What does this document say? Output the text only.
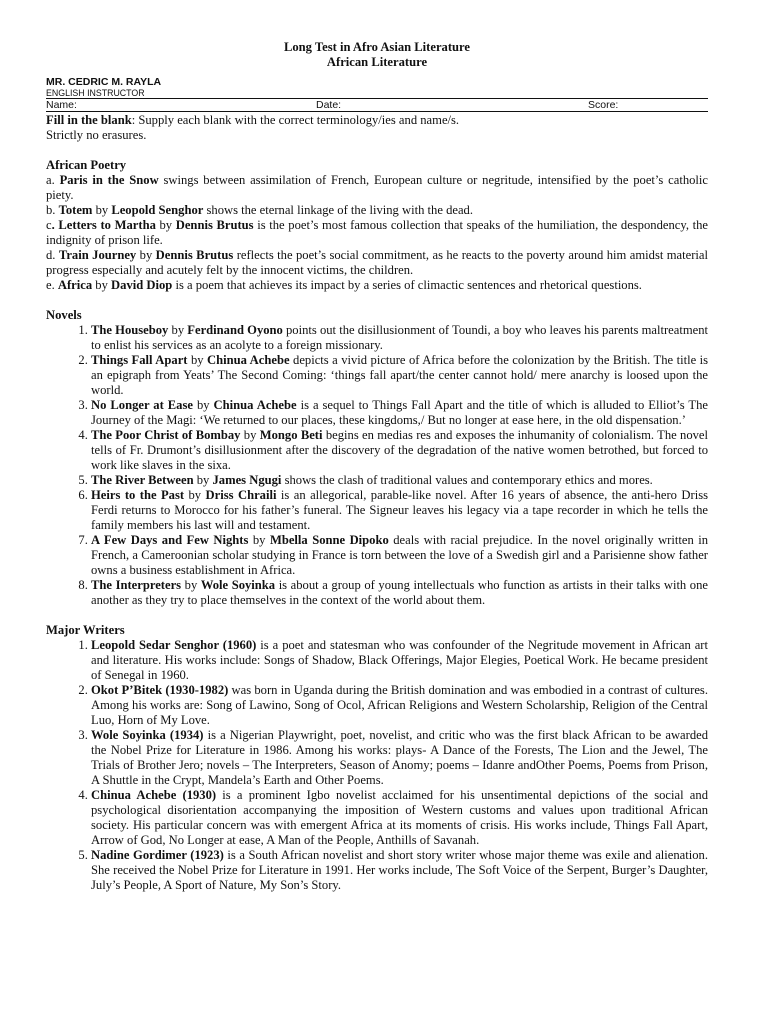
Long Test in Afro Asian Literature
African Literature
MR. CEDRIC M. RAYLA
ENGLISH INSTRUCTOR
Name:	Date:	Score:
Fill in the blank: Supply each blank with the correct terminology/ies and name/s.
Strictly no erasures.
African Poetry
a. Paris in the Snow swings between assimilation of French, European culture or negritude, intensified by the poet’s catholic piety.
b. Totem by Leopold Senghor shows the eternal linkage of the living with the dead.
c. Letters to Martha by Dennis Brutus is the poet’s most famous collection that speaks of the humiliation, the despondency, the indignity of prison life.
d. Train Journey by Dennis Brutus reflects the poet’s social commitment, as he reacts to the poverty around him amidst material progress especially and acutely felt by the innocent victims, the children.
e. Africa by David Diop is a poem that achieves its impact by a series of climactic sentences and rhetorical questions.
Novels
1. The Houseboy by Ferdinand Oyono points out the disillusionment of Toundi, a boy who leaves his parents maltreatment to enlist his services as an acolyte to a foreign missionary.
2. Things Fall Apart by Chinua Achebe depicts a vivid picture of Africa before the colonization by the British. The title is an epigraph from Yeats’ The Second Coming: ‘things fall apart/the center cannot hold/ mere anarchy is loosed upon the world.
3. No Longer at Ease by Chinua Achebe is a sequel to Things Fall Apart and the title of which is alluded to Elliot’s The Journey of the Magi: ‘We returned to our places, these kingdoms,/ But no longer at ease here, in the old dispensation.’
4. The Poor Christ of Bombay by Mongo Beti begins en medias res and exposes the inhumanity of colonialism. The novel tells of Fr. Drumont’s disillusionment after the discovery of the degradation of the native women betrothed, but forced to work like slaves in the sixa.
5. The River Between by James Ngugi shows the clash of traditional values and contemporary ethics and mores.
6. Heirs to the Past by Driss Chraili is an allegorical, parable-like novel. After 16 years of absence, the anti-hero Driss Ferdi returns to Morocco for his father’s funeral. The Signeur leaves his legacy via a tape recorder in which he tells the family members his last will and testament.
7. A Few Days and Few Nights by Mbella Sonne Dipoko deals with racial prejudice. In the novel originally written in French, a Cameroonian scholar studying in France is torn between the love of a Swedish girl and a Parisienne show father owns a business establishment in Africa.
8. The Interpreters by Wole Soyinka is about a group of young intellectuals who function as artists in their talks with one another as they try to place themselves in the context of the world about them.
Major Writers
1. Leopold Sedar Senghor (1960) is a poet and statesman who was confounder of the Negritude movement in African art and literature. His works include: Songs of Shadow, Black Offerings, Major Elegies, Poetical Work. He became president of Senegal in 1960.
2. Okot P’Bitek (1930-1982) was born in Uganda during the British domination and was embodied in a contrast of cultures. Among his works are: Song of Lawino, Song of Ocol, African Religions and Western Scholarship, Religion of the Central Luo, Horn of My Love.
3. Wole Soyinka (1934) is a Nigerian Playwright, poet, novelist, and critic who was the first black African to be awarded the Nobel Prize for Literature in 1986. Among his works: plays- A Dance of the Forests, The Lion and the Jewel, The Trials of Brother Jero; novels – The Interpreters, Season of Anomy; poems – Idanre andOther Poems, Poems from Prison, A Shuttle in the Crypt, Mandela’s Earth and Other Poems.
4. Chinua Achebe (1930) is a prominent Igbo novelist acclaimed for his unsentimental depictions of the social and psychological disorientation accompanying the imposition of Western customs and values upon traditional African society. His particular concern was with emergent Africa at its moments of crisis. His works include, Things Fall Apart, Arrow of God, No Longer at ease, A Man of the People, Anthills of Savanah.
5. Nadine Gordimer (1923) is a South African novelist and short story writer whose major theme was exile and alienation. She received the Nobel Prize for Literature in 1991. Her works include, The Soft Voice of the Serpent, Burger’s Daughter, July’s People, A Sport of Nature, My Son’s Story.
